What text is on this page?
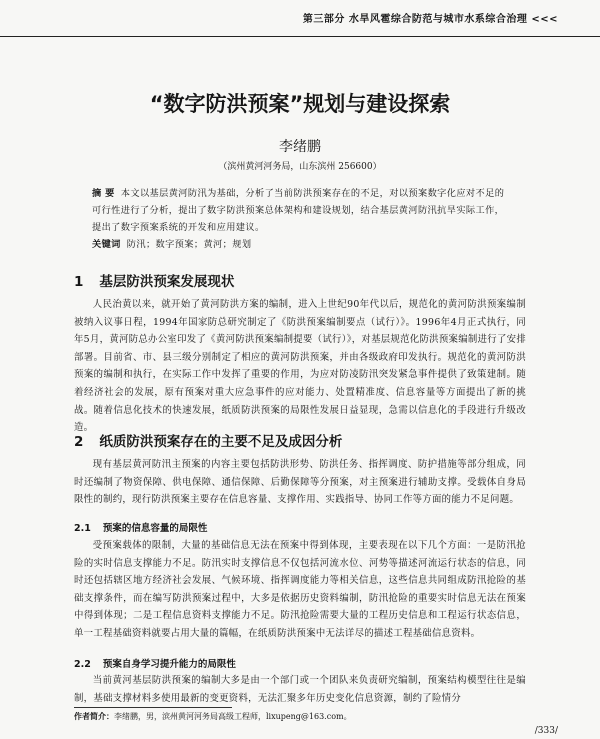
第三部分 水旱风雹综合防范与城市水系综合治理 <<<
“数字防洪预案”规划与建设探索
李绪鹏
（滨州黄河河务局，山东滨州 256600）
摘 要 本文以基层黄河防汛为基础，分析了当前防洪预案存在的不足，对以预案数字化应对不足的可行性进行了分析，提出了数字防洪预案总体架构和建设规划，结合基层黄河防汛抗旱实际工作，提出了数字预案系统的开发和应用建议。
关键词 防汛；数字预案；黄河；规划
1 基层防洪预案发展现状
人民治黄以来，就开始了黄河防洪方案的编制，进入上世纪90年代以后，规范化的黄河防洪预案编制被纳入议事日程，1994年国家防总研究制定了《防洪预案编制要点（试行）》。1996年4月正式执行，同年5月，黄河防总办公室印发了《黄河防洪预案编制提要（试行）》，对基层规范化防洪预案编制进行了安排部署。目前省、市、县三级分别制定了相应的黄河防洪预案，并由各级政府印发执行。规范化的黄河防洪预案的编制和执行，在实际工作中发挥了重要的作用，为应对防凌防汛突发紧急事件提供了致策建制。随着经济社会的发展，原有预案对重大应急事件的应对能力、处置精准度、信息容量等方面提出了新的挑战。随着信息化技术的快速发展，纸质防洪预案的局限性发展日益显现，急需以信息化的手段进行升级改造。
2 纸质防洪预案存在的主要不足及成因分析
现有基层黄河防汛主预案的内容主要包括防洪形势、防洪任务、指挥调度、防护措施等部分组成，同时还编制了物资保障、供电保障、通信保障、后勤保障等分预案，对主预案进行辅助支撑。受载体自身局限性的制约，现行防洪预案主要存在信息容量、支撑作用、实践指导、协同工作等方面的能力不足问题。
2.1 预案的信息容量的局限性
受预案载体的限制，大量的基础信息无法在预案中得到体现，主要表现在以下几个方面：一是防汛抢险的实时信息支撑能力不足。防汛实时支撑信息不仅包括河流水位、河势等描述河流运行状态的信息，同时还包括辖区地方经济社会发展、气候环境、指挥调度能力等相关信息，这些信息共同组成防汛抢险的基础支撑条件，而在编写防洪预案过程中，大多是依据历史资料编制，防汛抢险的重要实时信息无法在预案中得到体现；二是工程信息资料支撑能力不足。防汛抢险需要大量的工程历史信息和工程运行状态信息，单一工程基础资料就要占用大量的篇幅，在纸质防洪预案中无法详尽的描述工程基础信息资料。
2.2 预案自身学习提升能力的局限性
当前黄河基层防洪预案的编制大多是由一个部门或一个团队来负责研究编制，预案结构模型往往是编制，基础支撑材料多使用最新的变更资料，无法汇聚多年历史变化信息资源，制约了险情分
作者简介：李绪鹏，男，滨州黄河河务局高级工程师，lixupeng@163.com。
/333/
